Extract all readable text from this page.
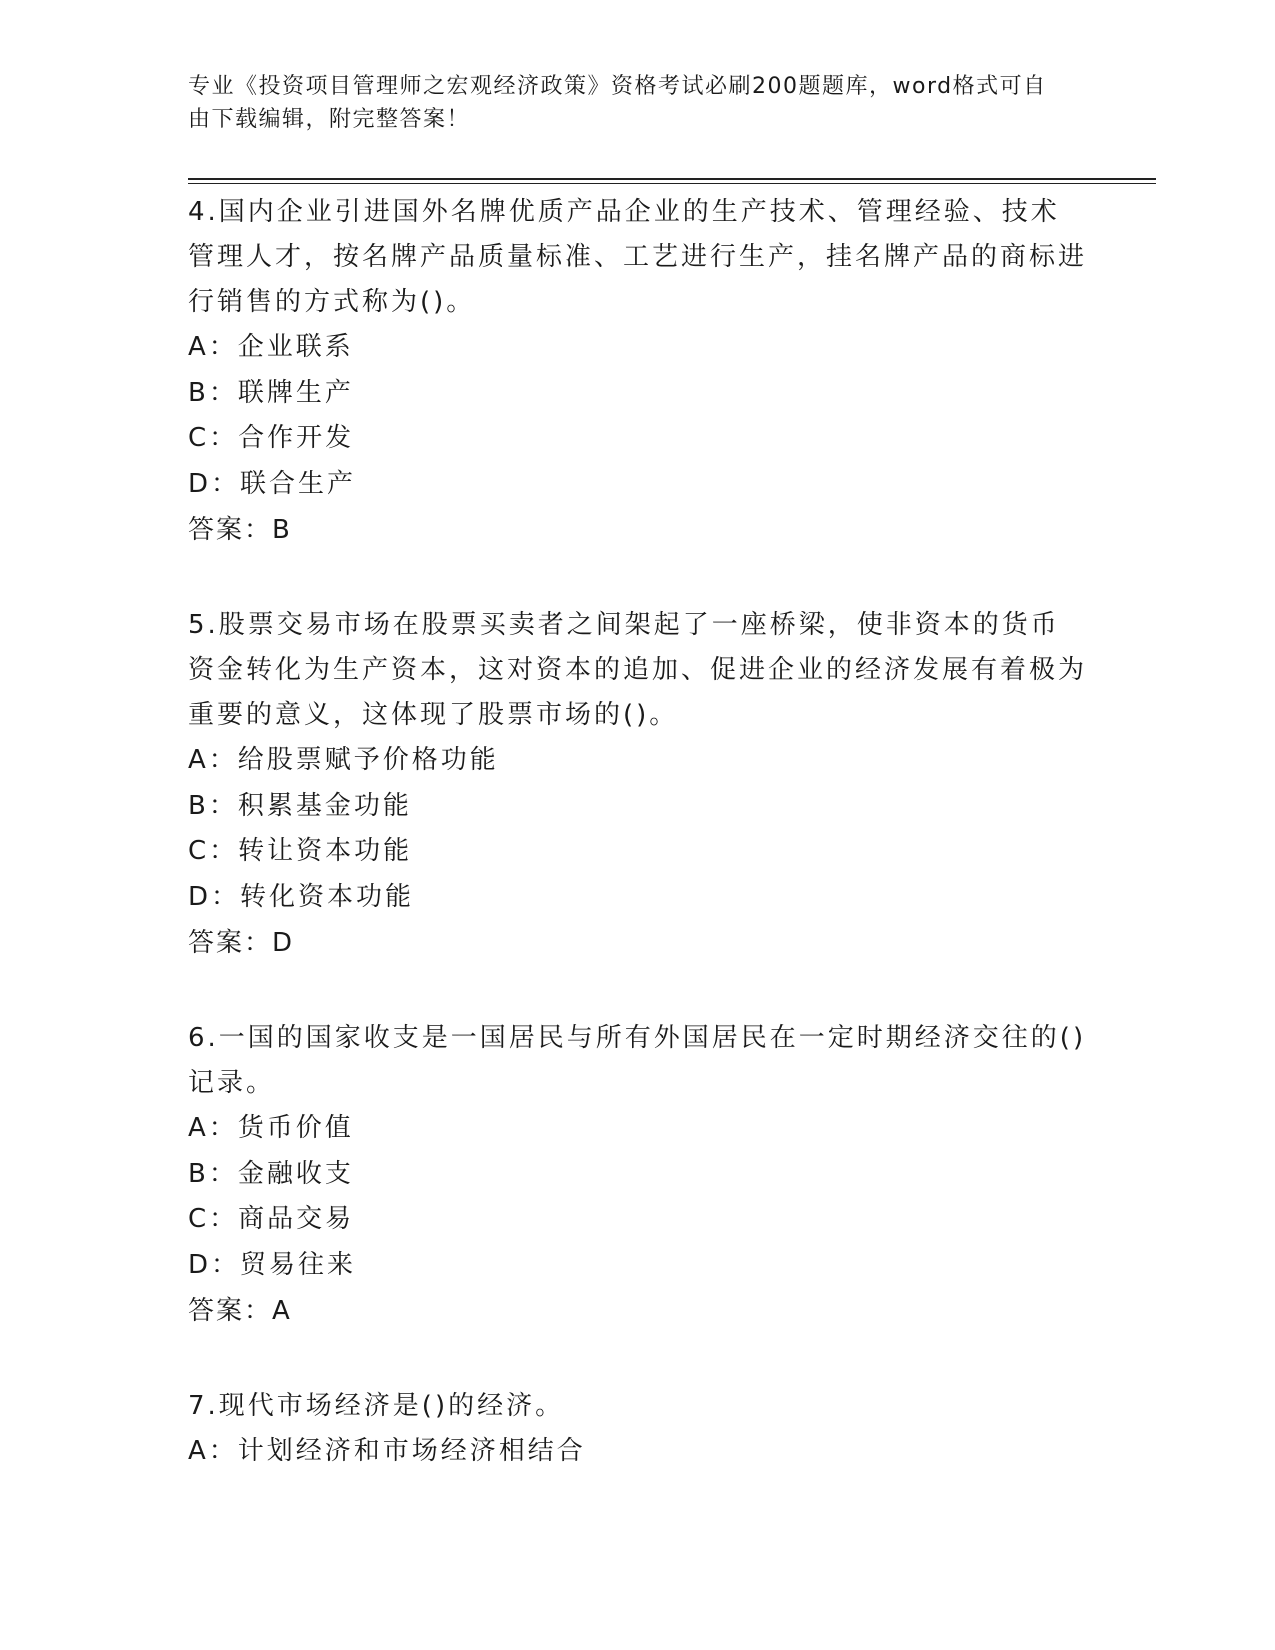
专业《投资项目管理师之宏观经济政策》资格考试必刷200题题库，word格式可自由下载编辑，附完整答案！

4.国内企业引进国外名牌优质产品企业的生产技术、管理经验、技术管理人才，按名牌产品质量标准、工艺进行生产，挂名牌产品的商标进行销售的方式称为()。

A：企业联系

B：联牌生产

C：合作开发

D：联合生产

答案：B

5.股票交易市场在股票买卖者之间架起了一座桥梁，使非资本的货币资金转化为生产资本，这对资本的追加、促进企业的经济发展有着极为重要的意义，这体现了股票市场的()。

A：给股票赋予价格功能

B：积累基金功能

C：转让资本功能

D：转化资本功能

答案：D

6.一国的国家收支是一国居民与所有外国居民在一定时期经济交往的()记录。

A：货币价值

B：金融收支

C：商品交易

D：贸易往来

答案：A

7.现代市场经济是()的经济。

A：计划经济和市场经济相结合
